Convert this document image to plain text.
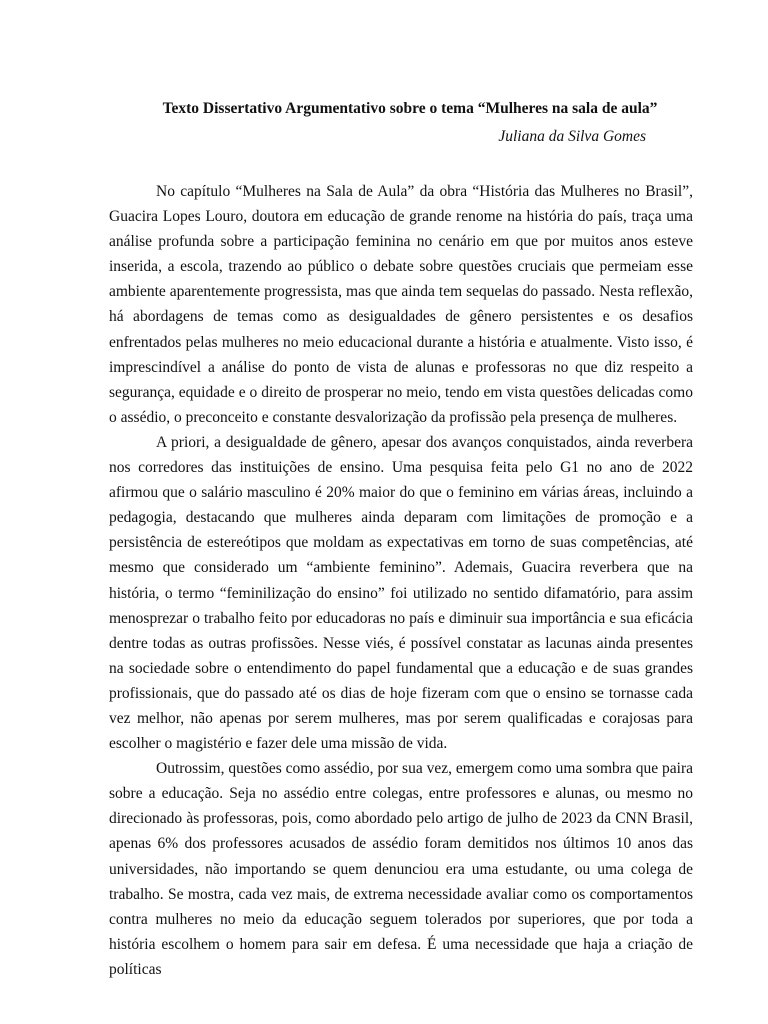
Texto Dissertativo Argumentativo sobre o tema “Mulheres na sala de aula”
Juliana da Silva Gomes

No capítulo “Mulheres na Sala de Aula” da obra “História das Mulheres no Brasil”, Guacira Lopes Louro, doutora em educação de grande renome na história do país, traça uma análise profunda sobre a participação feminina no cenário em que por muitos anos esteve inserida, a escola, trazendo ao público o debate sobre questões cruciais que permeiam esse ambiente aparentemente progressista, mas que ainda tem sequelas do passado. Nesta reflexão, há abordagens de temas como as desigualdades de gênero persistentes e os desafios enfrentados pelas mulheres no meio educacional durante a história e atualmente. Visto isso, é imprescindível a análise do ponto de vista de alunas e professoras no que diz respeito a segurança, equidade e o direito de prosperar no meio, tendo em vista questões delicadas como o assédio, o preconceito e constante desvalorização da profissão pela presença de mulheres.

A priori, a desigualdade de gênero, apesar dos avanços conquistados, ainda reverbera nos corredores das instituições de ensino. Uma pesquisa feita pelo G1 no ano de 2022 afirmou que o salário masculino é 20% maior do que o feminino em várias áreas, incluindo a pedagogia, destacando que mulheres ainda deparam com limitações de promoção e a persistência de estereótipos que moldam as expectativas em torno de suas competências, até mesmo que considerado um “ambiente feminino”. Ademais, Guacira reverbera que na história, o termo “feminilização do ensino” foi utilizado no sentido difamatório, para assim menosprezar o trabalho feito por educadoras no país e diminuir sua importância e sua eficácia dentre todas as outras profissões. Nesse viés, é possível constatar as lacunas ainda presentes na sociedade sobre o entendimento do papel fundamental que a educação e de suas grandes profissionais, que do passado até os dias de hoje fizeram com que o ensino se tornasse cada vez melhor, não apenas por serem mulheres, mas por serem qualificadas e corajosas para escolher o magistério e fazer dele uma missão de vida.

Outrossim, questões como assédio, por sua vez, emergem como uma sombra que paira sobre a educação. Seja no assédio entre colegas, entre professores e alunas, ou mesmo no direcionado às professoras, pois, como abordado pelo artigo de julho de 2023 da CNN Brasil, apenas 6% dos professores acusados de assédio foram demitidos nos últimos 10 anos das universidades, não importando se quem denunciou era uma estudante, ou uma colega de trabalho. Se mostra, cada vez mais, de extrema necessidade avaliar como os comportamentos contra mulheres no meio da educação seguem tolerados por superiores, que por toda a história escolhem o homem para sair em defesa. É uma necessidade que haja a criação de políticas
